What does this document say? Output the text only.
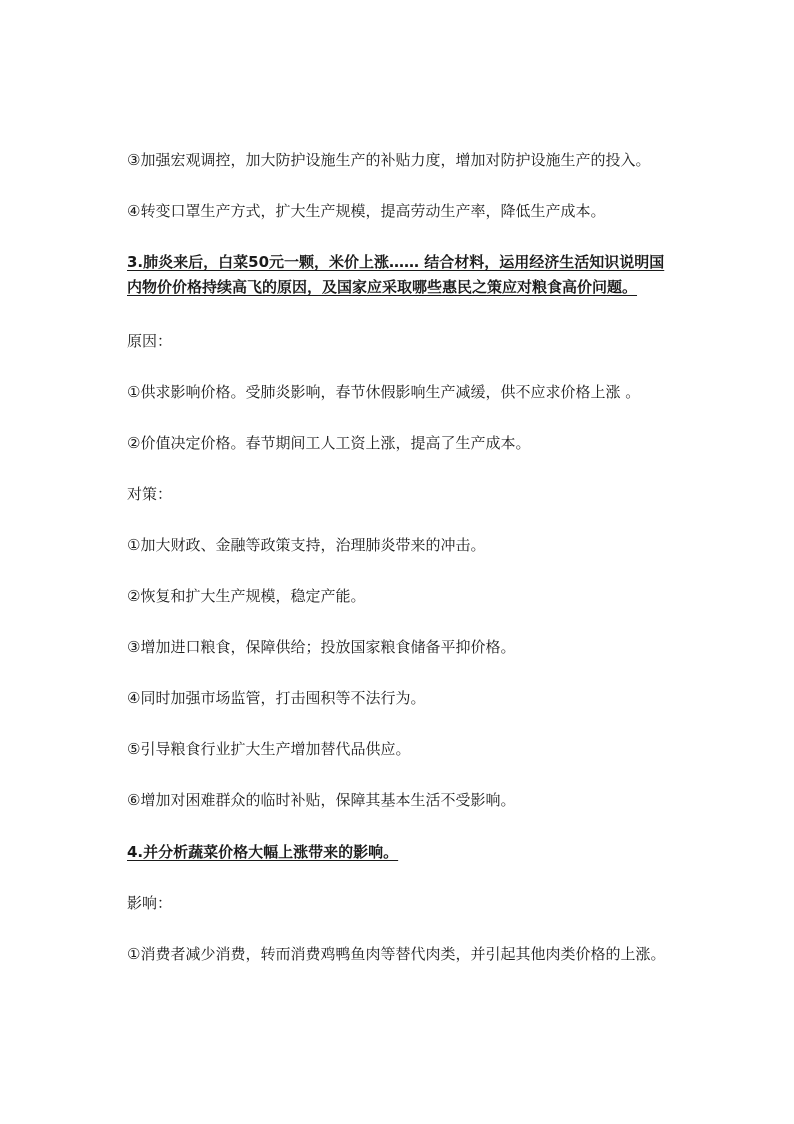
③加强宏观调控，加大防护设施生产的补贴力度，增加对防护设施生产的投入。

④转变口罩生产方式，扩大生产规模，提高劳动生产率，降低生产成本。

3.肺炎来后，白菜50元一颗，米价上涨…… 结合材料，运用经济生活知识说明国内物价价格持续高飞的原因，及国家应采取哪些惠民之策应对粮食高价问题。

原因：

①供求影响价格。受肺炎影响，春节休假影响生产减缓，供不应求价格上涨 。

②价值决定价格。春节期间工人工资上涨，提高了生产成本。

对策：

①加大财政、金融等政策支持，治理肺炎带来的冲击。

②恢复和扩大生产规模，稳定产能。

③增加进口粮食，保障供给；投放国家粮食储备平抑价格。

④同时加强市场监管，打击囤积等不法行为。

⑤引导粮食行业扩大生产增加替代品供应。

⑥增加对困难群众的临时补贴，保障其基本生活不受影响。

4.并分析蔬菜价格大幅上涨带来的影响。

影响：

①消费者减少消费，转而消费鸡鸭鱼肉等替代肉类，并引起其他肉类价格的上涨。
